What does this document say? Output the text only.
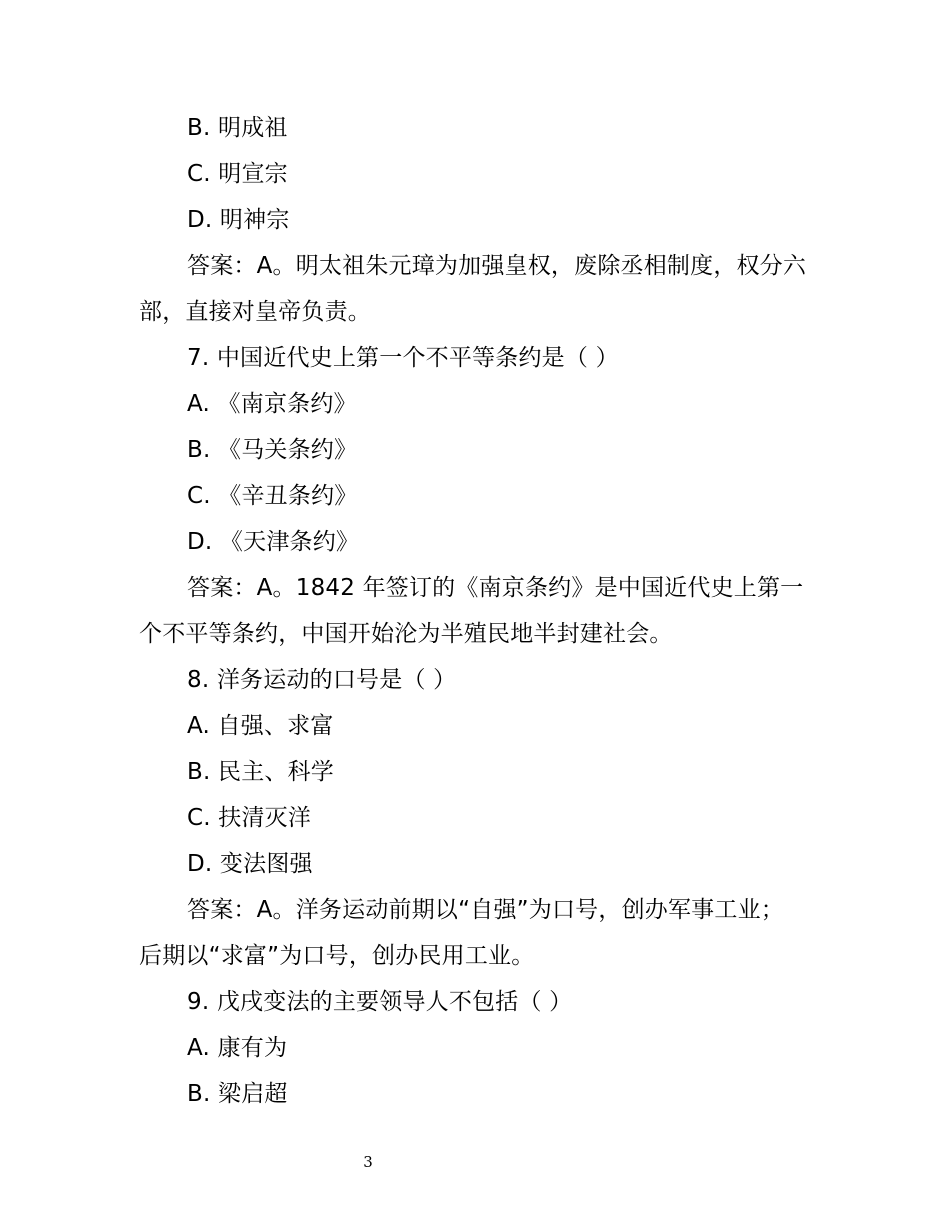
B. 明成祖
C. 明宣宗
D. 明神宗
答案：A。明太祖朱元璋为加强皇权，废除丞相制度，权分六
部，直接对皇帝负责。
7. 中国近代史上第一个不平等条约是（ ）
A. 《南京条约》
B. 《马关条约》
C. 《辛丑条约》
D. 《天津条约》
答案：A。1842 年签订的《南京条约》是中国近代史上第一
个不平等条约，中国开始沦为半殖民地半封建社会。
8. 洋务运动的口号是（ ）
A. 自强、求富
B. 民主、科学
C. 扶清灭洋
D. 变法图强
答案：A。洋务运动前期以“自强”为口号，创办军事工业；
后期以“求富”为口号，创办民用工业。
9. 戊戌变法的主要领导人不包括（ ）
A. 康有为
B. 梁启超
3
